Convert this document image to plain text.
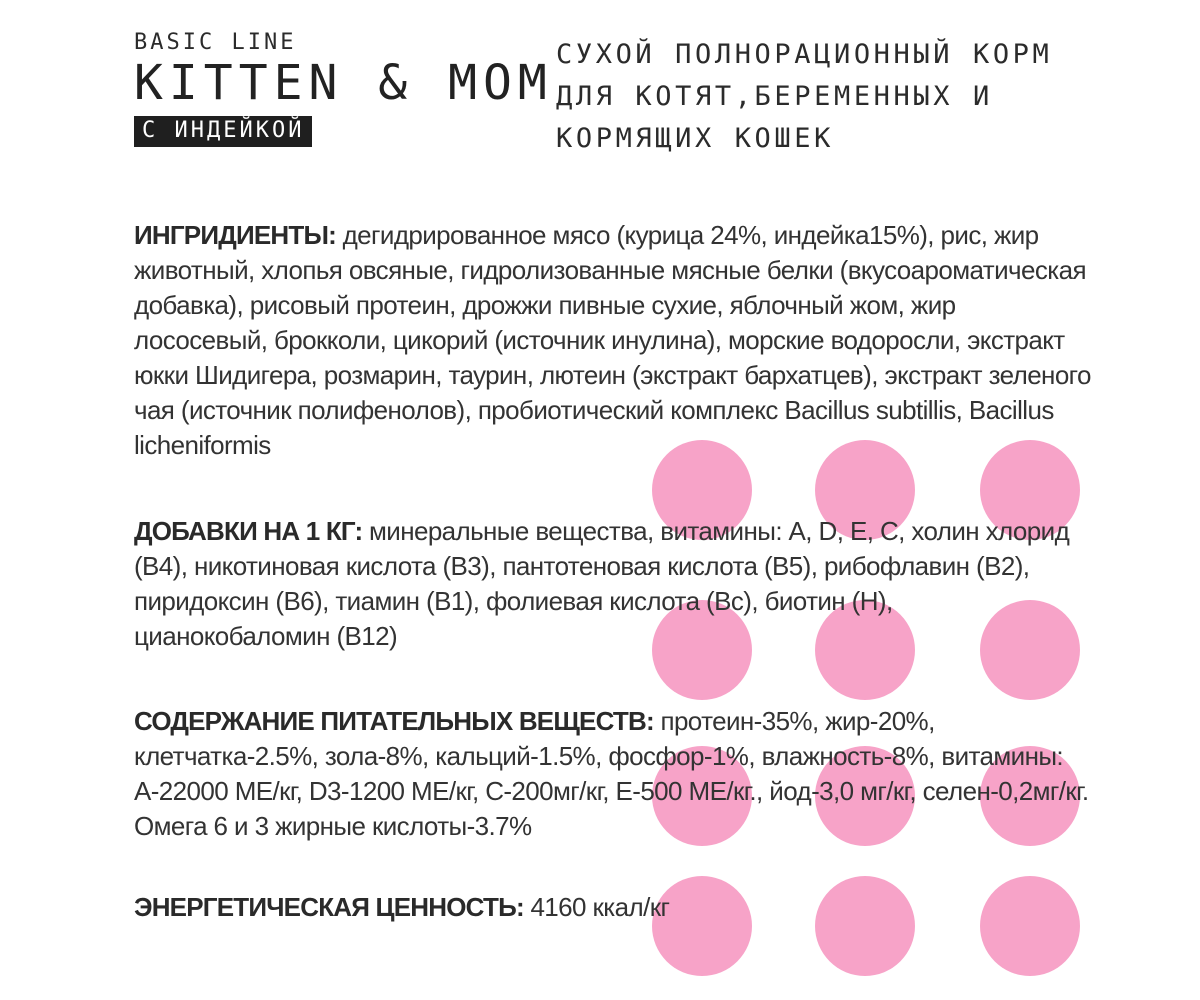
BASIC LINE

KITTEN & MOM

С ИНДЕЙКОЙ
СУХОЙ ПОЛНОРАЦИОННЫЙ КОРМ
ДЛЯ КОТЯТ,БЕРЕМЕННЫХ И
КОРМЯЩИХ КОШЕК

ИНГРИДИЕНТЫ: дегидрированное мясо (курица 24%, индейка15%), рис, жир животный, хлопья овсяные, гидролизованные мясные белки (вкусоароматическая добавка), рисовый протеин, дрожжи пивные сухие, яблочный жом, жир лососевый, брокколи, цикорий (источник инулина), морские водоросли, экстракт юкки Шидигера, розмарин, таурин, лютеин (экстракт бархатцев), экстракт зеленого чая (источник полифенолов), пробиотический комплекс Bacillus subtillis, Bacillus licheniformis

ДОБАВКИ НА 1 КГ: минеральные вещества, витамины: А, D, E, C, холин хлорид (В4), никотиновая кислота (В3), пантотеновая кислота (В5), рибофлавин (В2), пиридоксин (В6), тиамин (В1), фолиевая кислота (Вс), биотин (Н), цианокобаломин (В12)

СОДЕРЖАНИЕ ПИТАТЕЛЬНЫХ ВЕЩЕСТВ: протеин-35%, жир-20%, клетчатка-2.5%, зола-8%, кальций-1.5%, фосфор-1%, влажность-8%, витамины: А-22000 МЕ/кг, D3-1200 МЕ/кг, С-200мг/кг, Е-500 МЕ/кг., йод-3,0 мг/кг, селен-0,2мг/кг. Омега 6 и 3 жирные кислоты-3.7%

ЭНЕРГЕТИЧЕСКАЯ ЦЕННОСТЬ: 4160 ккал/кг
